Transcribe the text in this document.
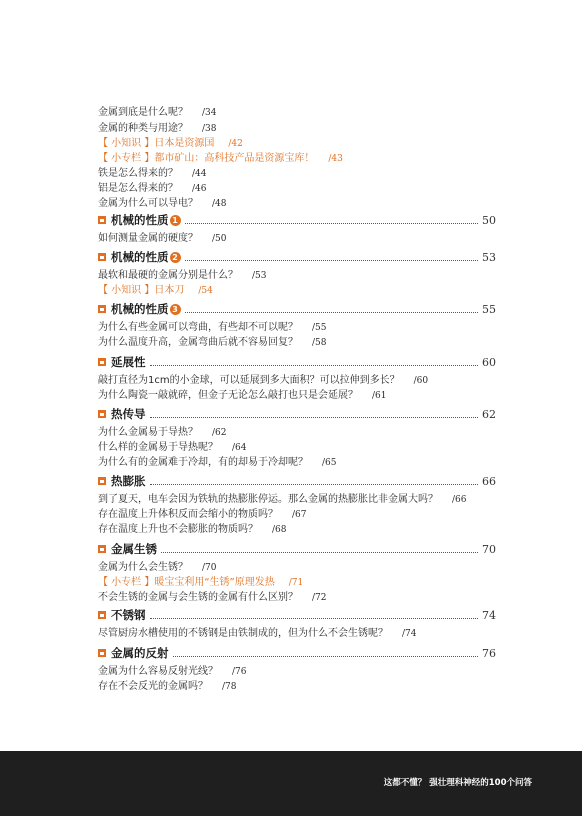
金属到底是什么呢？ /34
金属的种类与用途？ /38
【 小知识 】日本是资源国 /42
【 小专栏 】都市矿山：高科技产品是资源宝库！ /43
铁是怎么得来的？ /44
铝是怎么得来的？ /46
金属为什么可以导电？ /48
机械的性质 1	50
如何测量金属的硬度？ /50
机械的性质 2	53
最软和最硬的金属分别是什么？ /53
【 小知识 】日本刀 /54
机械的性质 3	55
为什么有些金属可以弯曲，有些却不可以呢？ /55
为什么温度升高，金属弯曲后就不容易回复？ /58
延展性	60
敲打直径为1cm的小金球，可以延展到多大面积？可以拉伸到多长？ /60
为什么陶瓷一敲就碎，但金子无论怎么敲打也只是会延展？ /61
热传导	62
为什么金属易于导热？ /62
什么样的金属易于导热呢？ /64
为什么有的金属难于冷却，有的却易于冷却呢？ /65
热膨胀	66
到了夏天，电车会因为铁轨的热膨胀停运。那么金属的热膨胀比非金属大吗？ /66
存在温度上升体积反而会缩小的物质吗？ /67
存在温度上升也不会膨胀的物质吗？ /68
金属生锈	70
金属为什么会生锈？ /70
【 小专栏 】暖宝宝利用“生锈”原理发热 /71
不会生锈的金属与会生锈的金属有什么区别？ /72
不锈钢	74
尽管厨房水槽使用的不锈钢是由铁制成的，但为什么不会生锈呢？ /74
金属的反射	76
金属为什么容易反射光线？ /76
存在不会反光的金属吗？ /78
这都不懂？ 强壮理科神经的100个问答
